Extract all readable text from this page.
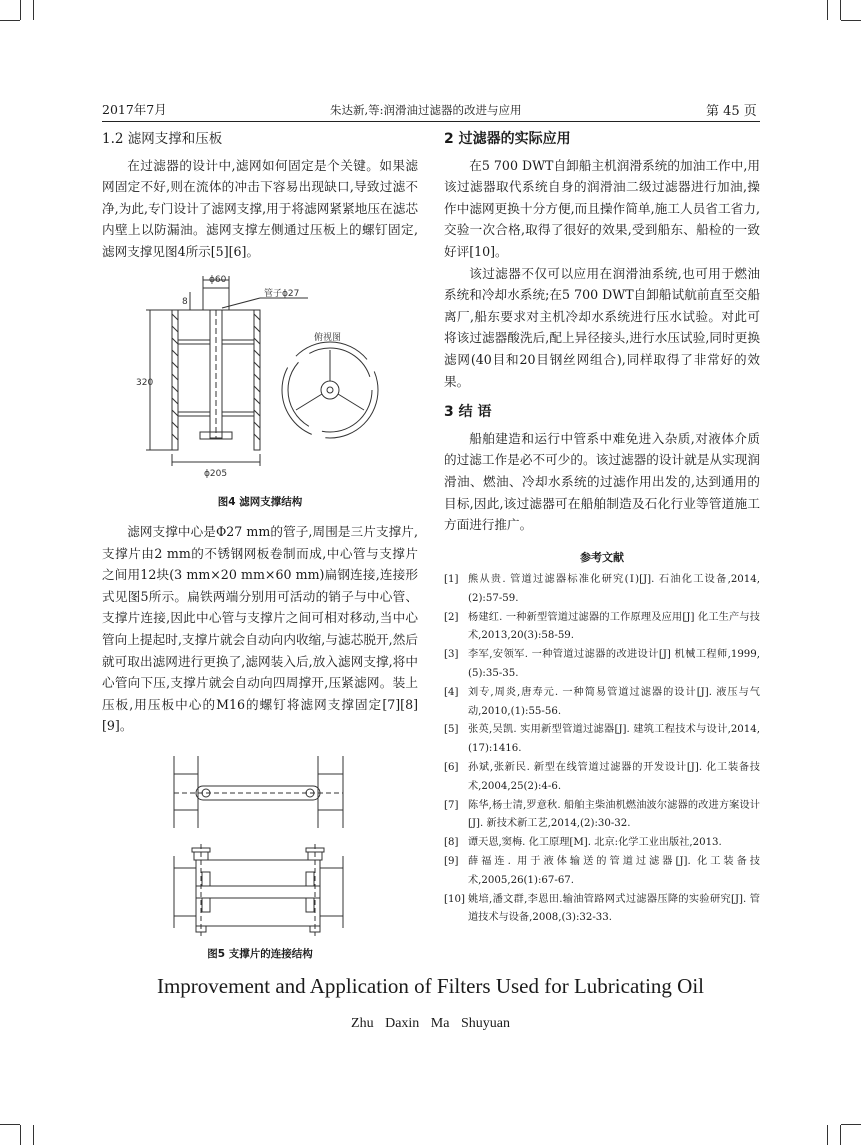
2017年7月	朱达新,等:润滑油过滤器的改进与应用	第 45 页

1.2 滤网支撑和压板

在过滤器的设计中,滤网如何固定是个关键。如果滤网固定不好,则在流体的冲击下容易出现缺口,导致过滤不净,为此,专门设计了滤网支撑,用于将滤网紧紧地压在滤芯内壁上以防漏油。滤网支撑左侧通过压板上的螺钉固定,滤网支撑见图4所示[5][6]。

ϕ60
管子ϕ27
8
俯视图
320
ϕ205
图4 滤网支撑结构

滤网支撑中心是Φ27 mm的管子,周围是三片支撑片,支撑片由2 mm的不锈钢网板卷制而成,中心管与支撑片之间用12块(3 mm×20 mm×60 mm)扁钢连接,连接形式见图5所示。扁铁两端分别用可活动的销子与中心管、支撑片连接,因此中心管与支撑片之间可相对移动,当中心管向上提起时,支撑片就会自动向内收缩,与滤芯脱开,然后就可取出滤网进行更换了,滤网装入后,放入滤网支撑,将中心管向下压,支撑片就会自动向四周撑开,压紧滤网。装上压板,用压板中心的M16的螺钉将滤网支撑固定[7][8][9]。

图5 支撑片的连接结构

2 过滤器的实际应用

在5 700 DWT自卸船主机润滑系统的加油工作中,用该过滤器取代系统自身的润滑油二级过滤器进行加油,操作中滤网更换十分方便,而且操作简单,施工人员省工省力,交验一次合格,取得了很好的效果,受到船东、船检的一致好评[10]。

该过滤器不仅可以应用在润滑油系统,也可用于燃油系统和冷却水系统;在5 700 DWT自卸船试航前直至交船离厂,船东要求对主机冷却水系统进行压水试验。对此可将该过滤器酸洗后,配上异径接头,进行水压试验,同时更换滤网(40目和20目钢丝网组合),同样取得了非常好的效果。

3 结 语

船舶建造和运行中管系中难免进入杂质,对液体介质的过滤工作是必不可少的。该过滤器的设计就是从实现润滑油、燃油、冷却水系统的过滤作用出发的,达到通用的目标,因此,该过滤器可在船舶制造及石化行业等管道施工方面进行推广。

参考文献

[1] 熊从贵. 管道过滤器标准化研究(Ⅰ)[J]. 石油化工设备,2014,(2):57-59.
[2] 杨建红. 一种新型管道过滤器的工作原理及应用[J] 化工生产与技术,2013,20(3):58-59.
[3] 李军,安领军. 一种管道过滤器的改进设计[J] 机械工程师,1999,(5):35-35.
[4] 刘专,周炎,唐寿元. 一种简易管道过滤器的设计[J]. 液压与气动,2010,(1):55-56.
[5] 张英,吴凯. 实用新型管道过滤器[J]. 建筑工程技术与设计,2014,(17):1416.
[6] 孙斌,张新民. 新型在线管道过滤器的开发设计[J]. 化工装备技术,2004,25(2):4-6.
[7] 陈华,杨士清,罗意秋. 船舶主柴油机燃油波尔滤器的改进方案设计[J]. 新技术新工艺,2014,(2):30-32.
[8] 谭天恩,窦梅. 化工原理[M]. 北京:化学工业出版社,2013.
[9] 薛福连. 用于液体输送的管道过滤器[J]. 化工装备技术,2005,26(1):67-67.
[10] 姚培,潘文群,李恩田.输油管路网式过滤器压降的实验研究[J]. 管道技术与设备,2008,(3):32-33.
Improvement and Application of Filters Used for Lubricating Oil
Zhu Daxin Ma Shuyuan
